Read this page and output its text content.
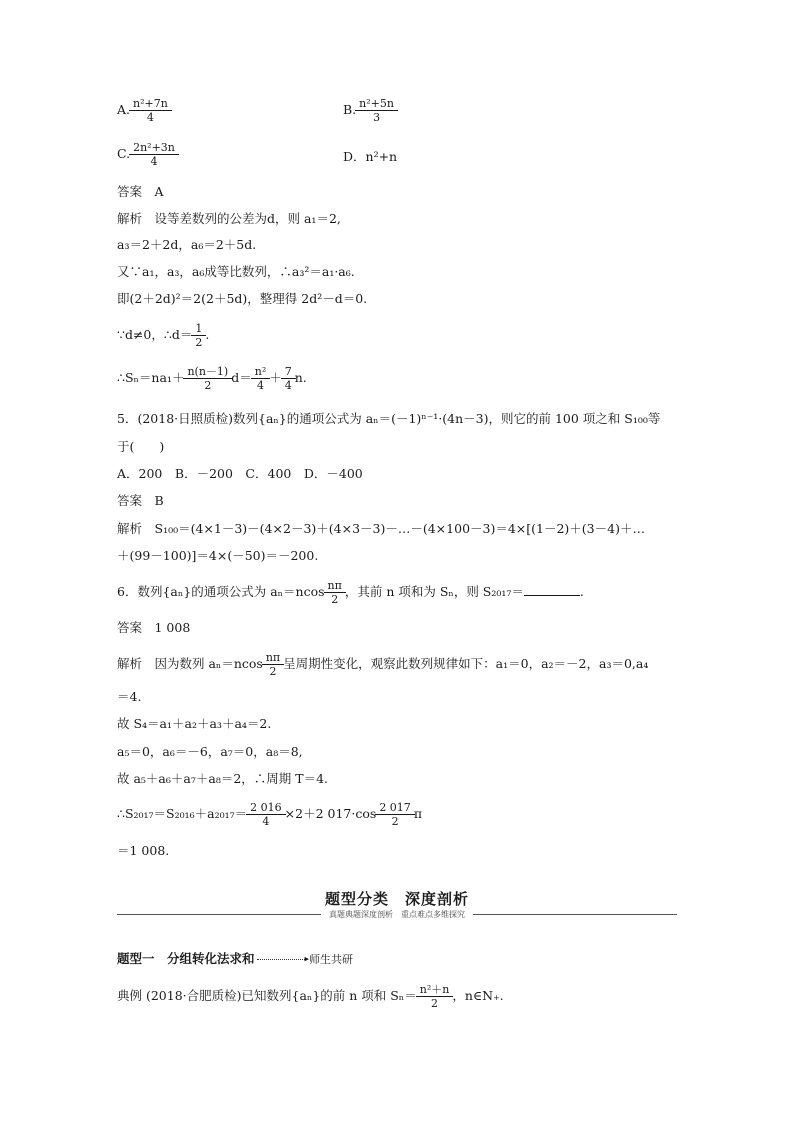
A. $\frac{\text{n²+7n}}{4}$	B. $\frac{\text{n²+5n}}{3}$
C. $\frac{\text{2n²+3n}}{4}$	D．n²+n
答案　A
解析　设等差数列的公差为d，则 a₁＝2,
a₃＝2＋2d，a₆＝2＋5d.
又∵a₁，a₃，a₆成等比数列，∴a₃²＝a₁·a₆.
即(2＋2d)²＝2(2＋5d)，整理得 2d²－d＝0.
∵d≠0，∴d＝ $\frac{1}{2}$ .
∴Sₙ＝na₁＋ $\frac{n(n-1)}{2} d= \frac{\text{n²}}{4} + \frac{7}{4} n$.
5．(2018·日照质检)数列{aₙ}的通项公式为 aₙ＝(－1)ⁿ⁻¹·(4n－3)，则它的前 100 项之和 S₁₀₀等
于(　　)
A．200　B．－200　C．400　D．－400
答案　B
解析　S₁₀₀＝(4×1－3)－(4×2－3)＋(4×3－3)－…－(4×100－3)＝4×[(1－2)＋(3－4)＋…
＋(99－100)]＝4×(－50)＝－200.
6．数列{aₙ}的通项公式为 $a_n=ncos \frac{n\pi}{2}$ ，其前 n 项和为 Sₙ，则 S₂₀₁₇＝	.
答案　1 008
解析　因为数列 $a_n=ncos \frac{n\pi}{2}$ 呈周期性变化，观察此数列规律如下：a₁＝0，a₂＝－2，a₃＝0,a₄
＝4.
故 S₄＝a₁＋a₂＋a₃＋a₄＝2.
a₅＝0，a₆＝－6，a₇＝0，a₈＝8,
故 a₅＋a₆＋a₇＋a₈＝2，∴周期 T＝4.
∴S₂₀₁₇＝S₂₀₁₆＋a₂₀₁₇＝ $\frac{2 016}{4} \times 2+2$ $017\cdot\cos \frac{2 017}{2}$ π
＝1 008.
题型分类　深度剖析
真题典题深度剖析　重点难点多维探究
题型一　分组转化法求和	▸师生共研
典例 (2018·合肥质检)已知数列{aₙ}的前 n 项和 $S_n= \frac{\text{n²＋n}}{2}$ ，n∈N₊.
